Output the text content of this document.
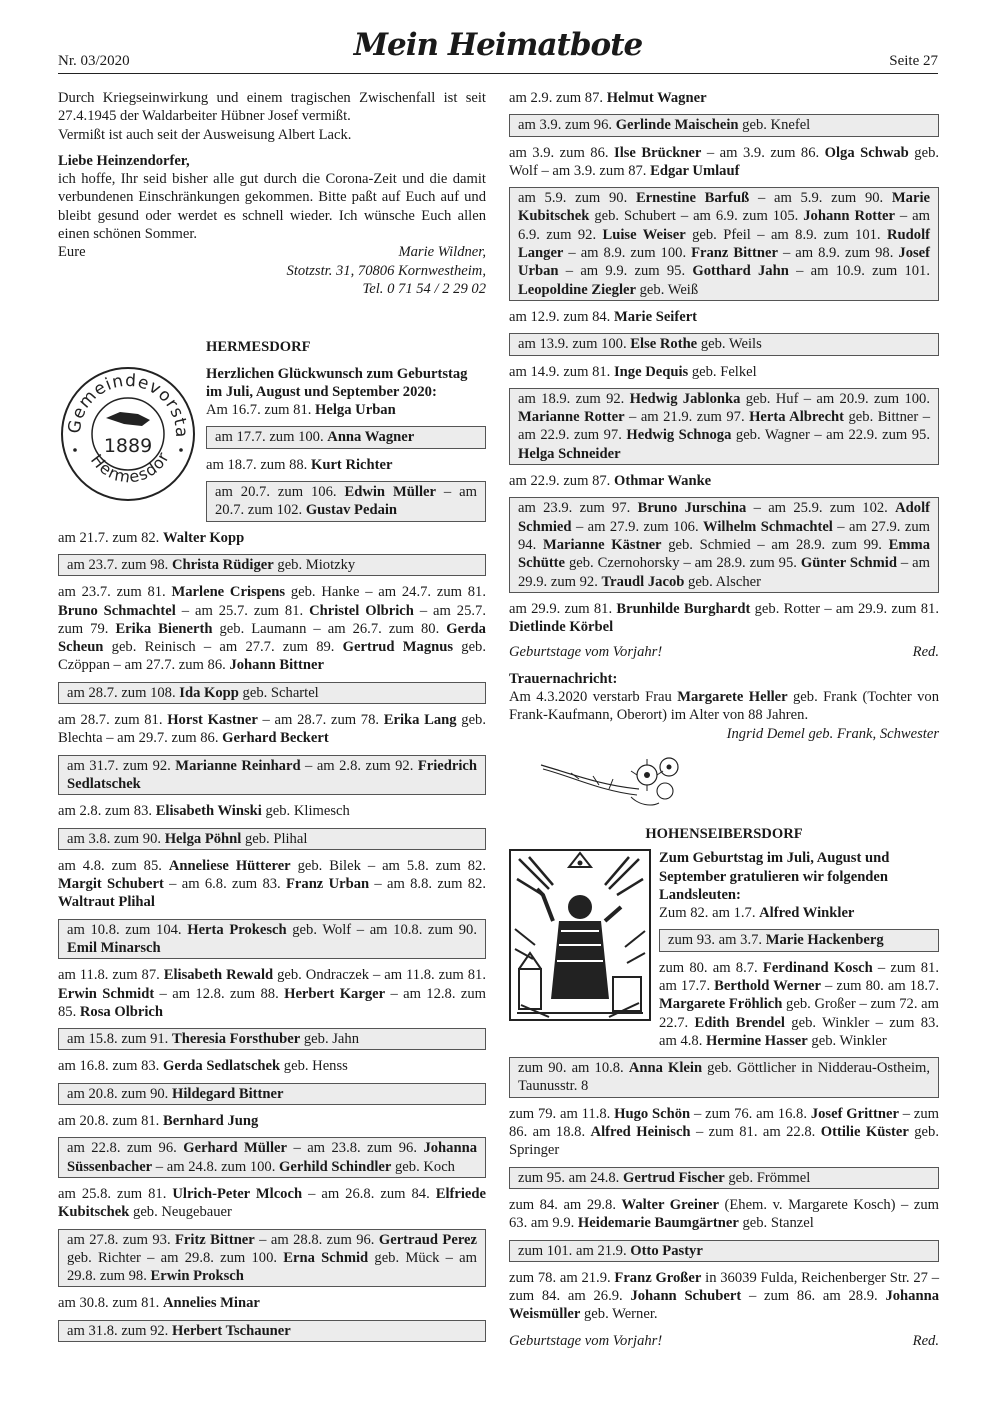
Nr. 03/2020	Mein Heimatbote	Seite 27

Durch Kriegseinwirkung und einem tragischen Zwischenfall ist seit 27.4.1945 der Waldarbeiter Hübner Josef vermißt.

Vermißt ist auch seit der Ausweisung Albert Lack.

Liebe Heinzendorfer,

ich hoffe, Ihr seid bisher alle gut durch die Corona-Zeit und die damit verbundenen Einschränkungen gekommen. Bitte paßt auf Euch auf und bleibt gesund oder werdet es schnell wieder. Ich wünsche Euch allen einen schönen Sommer.

Eure	Marie Wildner,

Stotzstr. 31, 70806 Kornwestheim,

Tel. 0 71 54 / 2 29 02

Gemeindevorsta
Hermesdor
1889

HERMESDORF

Herzlichen Glückwunsch zum Geburtstag im Juli, August und September 2020:

Am 16.7. zum 81. Helga Urban

am 17.7. zum 100. Anna Wagner

am 18.7. zum 88. Kurt Richter

am 20.7. zum 106. Edwin Müller – am 20.7. zum 102. Gustav Pedain

am 21.7. zum 82. Walter Kopp

am 23.7. zum 98. Christa Rüdiger geb. Miotzky

am 23.7. zum 81. Marlene Crispens geb. Hanke – am 24.7. zum 81. Bruno Schmachtel – am 25.7. zum 81. Christel Olbrich – am 25.7. zum 79. Erika Bienerth geb. Laumann – am 26.7. zum 80. Gerda Scheun geb. Reinisch – am 27.7. zum 89. Gertrud Magnus geb. Czöppan – am 27.7. zum 86. Johann Bittner

am 28.7. zum 108. Ida Kopp geb. Schartel

am 28.7. zum 81. Horst Kastner – am 28.7. zum 78. Erika Lang geb. Blechta – am 29.7. zum 86. Gerhard Beckert

am 31.7. zum 92. Marianne Reinhard – am 2.8. zum 92. Friedrich Sedlatschek

am 2.8. zum 83. Elisabeth Winski geb. Klimesch

am 3.8. zum 90. Helga Pöhnl geb. Plihal

am 4.8. zum 85. Anneliese Hütterer geb. Bilek – am 5.8. zum 82. Margit Schubert – am 6.8. zum 83. Franz Urban – am 8.8. zum 82. Waltraut Plihal

am 10.8. zum 104. Herta Prokesch geb. Wolf – am 10.8. zum 90. Emil Minarsch

am 11.8. zum 87. Elisabeth Rewald geb. Ondraczek – am 11.8. zum 81. Erwin Schmidt – am 12.8. zum 88. Herbert Karger – am 12.8. zum 85. Rosa Olbrich

am 15.8. zum 91. Theresia Forsthuber geb. Jahn

am 16.8. zum 83. Gerda Sedlatschek geb. Henss

am 20.8. zum 90. Hildegard Bittner

am 20.8. zum 81. Bernhard Jung

am 22.8. zum 96. Gerhard Müller – am 23.8. zum 96. Johanna Süssenbacher – am 24.8. zum 100. Gerhild Schindler geb. Koch

am 25.8. zum 81. Ulrich-Peter Mlcoch – am 26.8. zum 84. Elfriede Kubitschek geb. Neugebauer

am 27.8. zum 93. Fritz Bittner – am 28.8. zum 96. Gertraud Perez geb. Richter – am 29.8. zum 100. Erna Schmid geb. Mück – am 29.8. zum 98. Erwin Proksch

am 30.8. zum 81. Annelies Minar

am 31.8. zum 92. Herbert Tschauner

am 2.9. zum 87. Helmut Wagner

am 3.9. zum 96. Gerlinde Maischein geb. Knefel

am 3.9. zum 86. Ilse Brückner – am 3.9. zum 86. Olga Schwab geb. Wolf – am 3.9. zum 87. Edgar Umlauf

am 5.9. zum 90. Ernestine Barfuß – am 5.9. zum 90. Marie Kubitschek geb. Schubert – am 6.9. zum 105. Johann Rotter – am 6.9. zum 92. Luise Weiser geb. Pfeil – am 8.9. zum 101. Rudolf Langer – am 8.9. zum 100. Franz Bittner – am 8.9. zum 98. Josef Urban – am 9.9. zum 95. Gotthard Jahn – am 10.9. zum 101. Leopoldine Ziegler geb. Weiß

am 12.9. zum 84. Marie Seifert

am 13.9. zum 100. Else Rothe geb. Weils

am 14.9. zum 81. Inge Dequis geb. Felkel

am 18.9. zum 92. Hedwig Jablonka geb. Huf – am 20.9. zum 100. Marianne Rotter – am 21.9. zum 97. Herta Albrecht geb. Bittner – am 22.9. zum 97. Hedwig Schnoga geb. Wagner – am 22.9. zum 95. Helga Schneider

am 22.9. zum 87. Othmar Wanke

am 23.9. zum 97. Bruno Jurschina – am 25.9. zum 102. Adolf Schmied – am 27.9. zum 106. Wilhelm Schmachtel – am 27.9. zum 94. Marianne Kästner geb. Schmied – am 28.9. zum 99. Emma Schütte geb. Czernohorsky – am 28.9. zum 95. Günter Schmid – am 29.9. zum 92. Traudl Jacob geb. Alscher

am 29.9. zum 81. Brunhilde Burghardt geb. Rotter – am 29.9. zum 81. Dietlinde Körbel

Geburtstage vom Vorjahr!	Red.

Trauernachricht:

Am 4.3.2020 verstarb Frau Margarete Heller geb. Frank (Tochter von Frank-Kaufmann, Oberort) im Alter von 88 Jahren.

Ingrid Demel geb. Frank, Schwester

HOHENSEIBERSDORF

Zum Geburtstag im Juli, August und September gratulieren wir folgenden Landsleuten:

Zum 82. am 1.7. Alfred Winkler

zum 93. am 3.7. Marie Hackenberg

zum 80. am 8.7. Ferdinand Kosch – zum 81. am 17.7. Berthold Werner – zum 80. am 18.7. Margarete Fröhlich geb. Großer – zum 72. am 22.7. Edith Brendel geb. Winkler – zum 83. am 4.8. Hermine Hasser geb. Winkler

zum 90. am 10.8. Anna Klein geb. Göttlicher in Nidderau-Ostheim, Taunusstr. 8

zum 79. am 11.8. Hugo Schön – zum 76. am 16.8. Josef Grittner – zum 86. am 18.8. Alfred Heinisch – zum 81. am 22.8. Ottilie Küster geb. Springer

zum 95. am 24.8. Gertrud Fischer geb. Frömmel

zum 84. am 29.8. Walter Greiner (Ehem. v. Margarete Kosch) – zum 63. am 9.9. Heidemarie Baumgärtner geb. Stanzel

zum 101. am 21.9. Otto Pastyr

zum 78. am 21.9. Franz Großer in 36039 Fulda, Reichenberger Str. 27 – zum 84. am 26.9. Johann Schubert – zum 86. am 28.9. Johanna Weismüller geb. Werner.

Geburtstage vom Vorjahr!	Red.
